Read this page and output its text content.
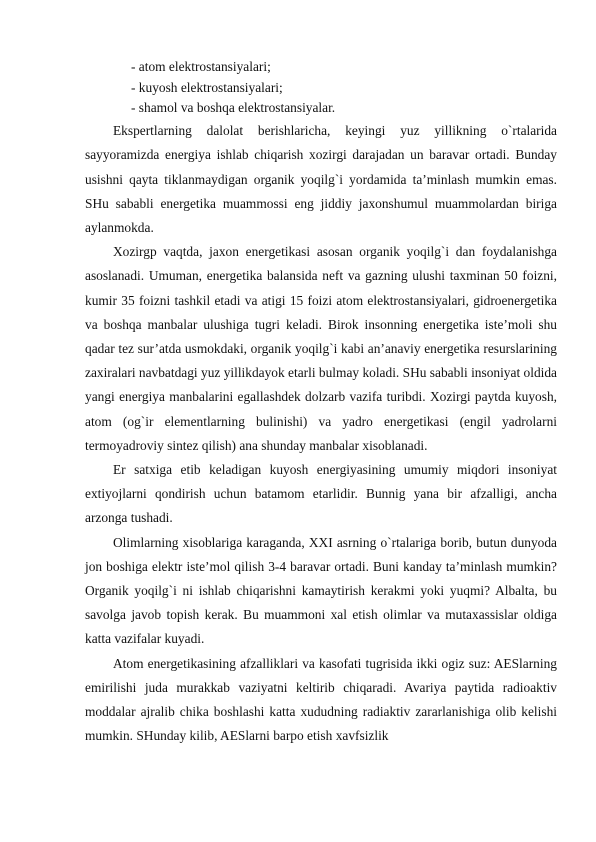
- atom elektrostansiyalari;
- kuyosh elektrostansiyalari;
- shamol va boshqa elektrostansiyalar.

Ekspertlarning dalolat berishlaricha, keyingi yuz yillikning o`rtalarida sayyoramizda energiya ishlab chiqarish xozirgi darajadan un baravar ortadi. Bunday usishni qayta tiklanmaydigan organik yoqilg`i yordamida ta’minlash mumkin emas. SHu sababli energetika muammossi eng jiddiy jaxonshumul muammolardan biriga aylanmokda.

Xozirgp vaqtda, jaxon energetikasi asosan organik yoqilg`i dan foydalanishga asoslanadi. Umuman, energetika balansida neft va gazning ulushi taxminan 50 foizni, kumir 35 foizni tashkil etadi va atigi 15 foizi atom elektrostansiyalari, gidroenergetika va boshqa manbalar ulushiga tugri keladi. Birok insonning energetika iste’moli shu qadar tez sur’atda usmokdaki, organik yoqilg`i kabi an’anaviy energetika resurslarining zaxiralari navbatdagi yuz yillikdayok etarli bulmay koladi. SHu sababli insoniyat oldida yangi energiya manbalarini egallashdek dolzarb vazifa turibdi. Xozirgi paytda kuyosh, atom (og`ir elementlarning bulinishi) va yadro energetikasi (engil yadrolarni termoyadroviy sintez qilish) ana shunday manbalar xisoblanadi.

Er satxiga etib keladigan kuyosh energiyasining umumiy miqdori insoniyat extiyojlarni qondirish uchun batamom etarlidir. Bunnig yana bir afzalligi, ancha arzonga tushadi.

Olimlarning xisoblariga karaganda, XXI asrning o`rtalariga borib, butun dunyoda jon boshiga elektr iste’mol qilish 3-4 baravar ortadi. Buni kanday ta’minlash mumkin? Organik yoqilg`i ni ishlab chiqarishni kamaytirish kerakmi yoki yuqmi? Albalta, bu savolga javob topish kerak. Bu muammoni xal etish olimlar va mutaxassislar oldiga katta vazifalar kuyadi.

Atom energetikasining afzalliklari va kasofati tugrisida ikki ogiz suz: AESlarning emirilishi juda murakkab vaziyatni keltirib chiqaradi. Avariya paytida radioaktiv moddalar ajralib chika boshlashi katta xududning radiaktiv zararlanishiga olib kelishi mumkin. SHunday kilib, AESlarni barpo etish xavfsizlik
